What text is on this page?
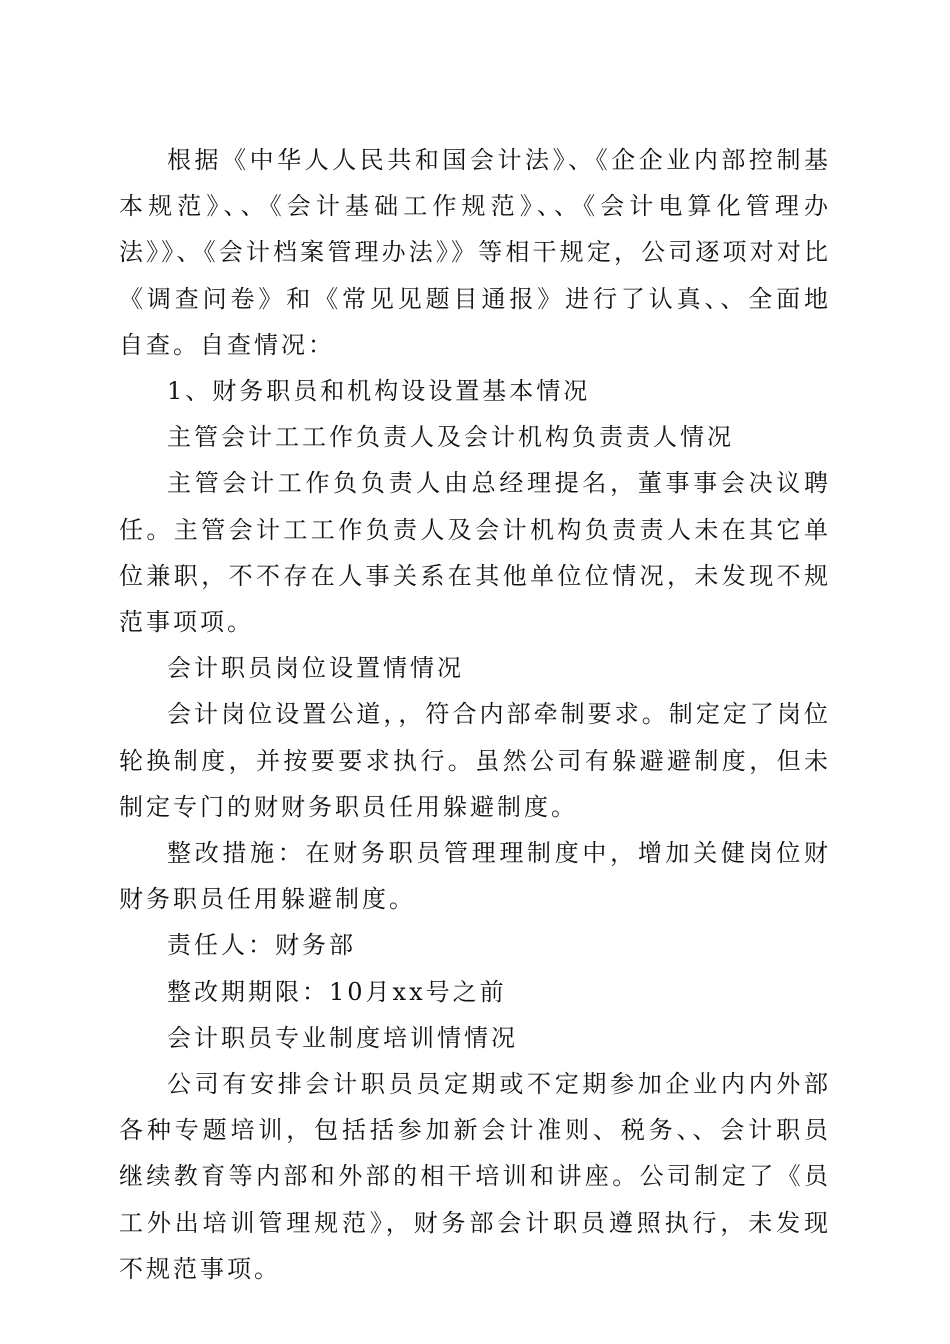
根据《中华人人民共和国会计法》、《企企业内部控制基本规范》、、《会计基础工作规范》、、《会计电算化管理办法》》、《会计档案管理办法》》等相干规定，公司逐项对对比《调查问卷》和《常见见题目通报》进行了认真、、全面地自查。自查情况：

1、财务职员和机构设设置基本情况

主管会计工工作负责人及会计机构负责责人情况

主管会计工作负负责人由总经理提名，董事事会决议聘任。主管会计工工作负责人及会计机构负责责人未在其它单位兼职，不不存在人事关系在其他单位位情况，未发现不规范事项项。

会计职员岗位设置情情况

会计岗位设置公道，，符合内部牵制要求。制定定了岗位轮换制度，并按要要求执行。虽然公司有躲避避制度，但未制定专门的财财务职员任用躲避制度。

整改措施：在财务职员管理理制度中，增加关健岗位财财务职员任用躲避制度。

责任人：财务部

整改期期限：10月xx号之前

会计职员专业制度培训情情况

公司有安排会计职员员定期或不定期参加企业内内外部各种专题培训，包括括参加新会计准则、税务、、会计职员继续教育等内部和外部的相干培训和讲座。公司制定了《员工外出培训管理规范》，财务部会计职员遵照执行，未发现不规范事项。
